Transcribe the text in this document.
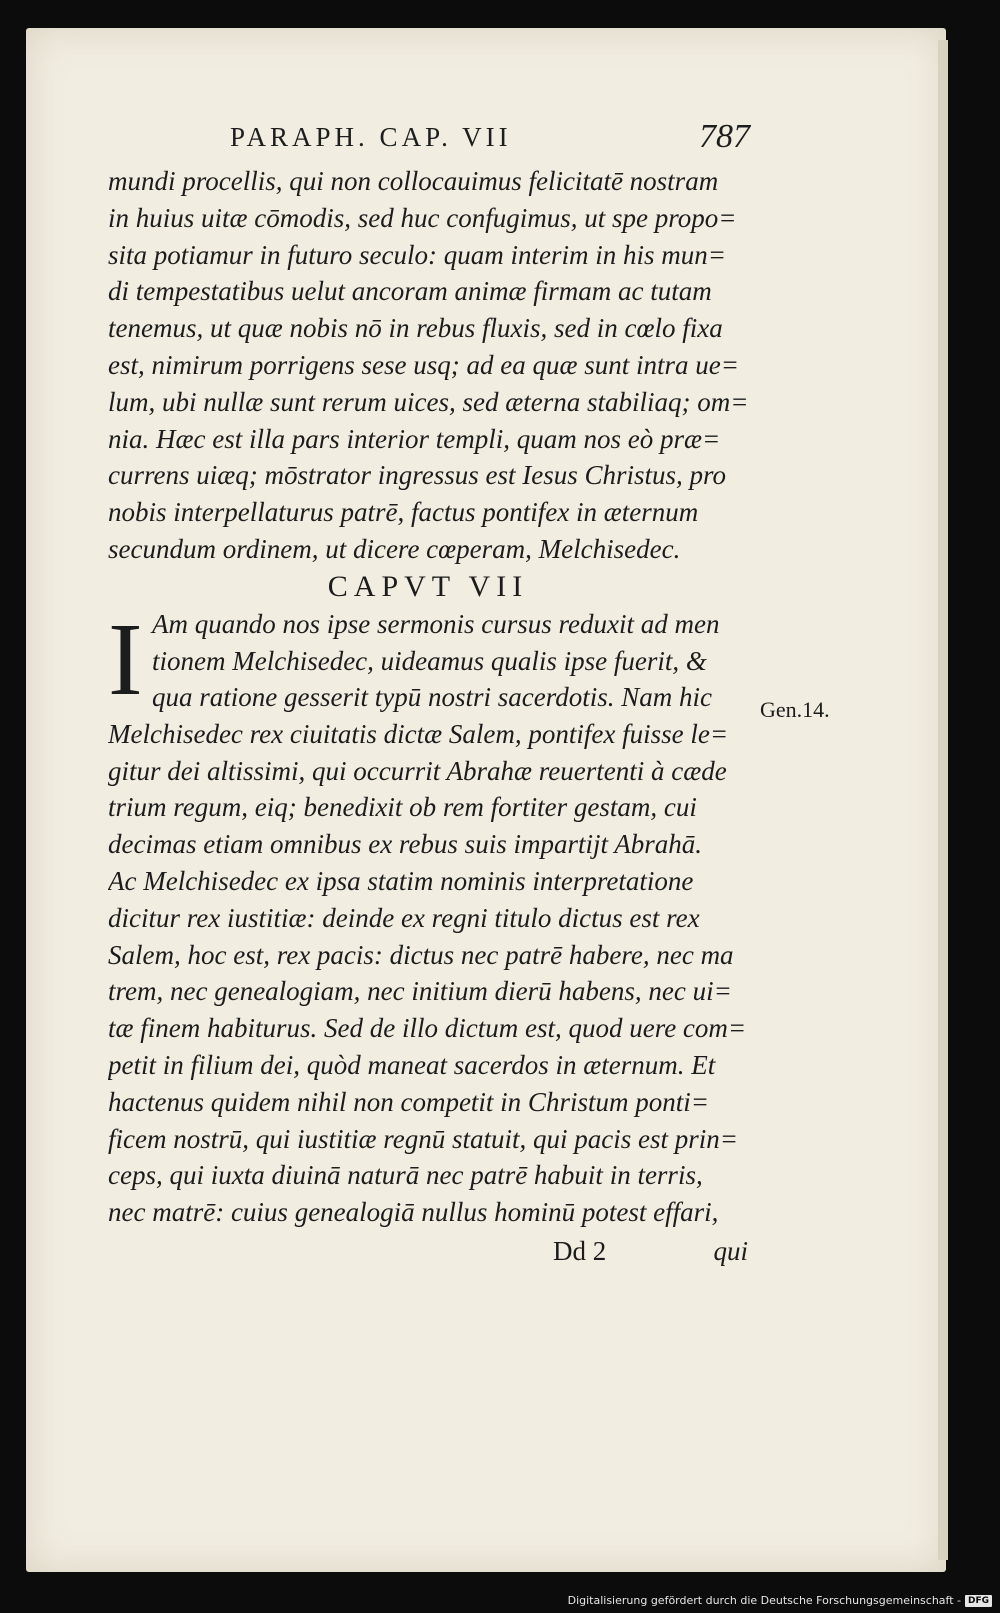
PARAPH. CAP. VII	787
mundi procellis, qui non collocauimus felicitatē nostram
in huius uitæ cōmodis, sed huc confugimus, ut spe propo=
sita potiamur in futuro seculo: quam interim in his mun=
di tempestatibus uelut ancoram animæ firmam ac tutam
tenemus, ut quæ nobis nō in rebus fluxis, sed in cœlo fixa
est, nimirum porrigens sese usq; ad ea quæ sunt intra ue=
lum, ubi nullæ sunt rerum uices, sed æterna stabiliaq; om=
nia. Hæc est illa pars interior templi, quam nos eò præ=
currens uiæq; mōstrator ingressus est Iesus Christus, pro
nobis interpellaturus patrē, factus pontifex in æternum
secundum ordinem, ut dicere cœperam, Melchisedec.
CAPVT VII
I Am quando nos ipse sermonis cursus reduxit ad men
tionem Melchisedec, uideamus qualis ipse fuerit, &
qua ratione gesserit typū nostri sacerdotis. Nam hic
Melchisedec rex ciuitatis dictæ Salem, pontifex fuisse le=
gitur dei altissimi, qui occurrit Abrahæ reuertenti à cæde
trium regum, eiq; benedixit ob rem fortiter gestam, cui
decimas etiam omnibus ex rebus suis impartijt Abrahā.
Ac Melchisedec ex ipsa statim nominis interpretatione
dicitur rex iustitiæ: deinde ex regni titulo dictus est rex
Salem, hoc est, rex pacis: dictus nec patrē habere, nec ma
trem, nec genealogiam, nec initium dierū habens, nec ui=
tæ finem habiturus. Sed de illo dictum est, quod uere com=
petit in filium dei, quòd maneat sacerdos in æternum. Et
hactenus quidem nihil non competit in Christum ponti=
ficem nostrū, qui iustitiæ regnū statuit, qui pacis est prin=
ceps, qui iuxta diuinā naturā nec patrē habuit in terris,
nec matrē: cuius genealogiā nullus hominū potest effari,
Gen.14.
Dd 2	qui
Digitalisierung gefördert durch die Deutsche Forschungsgemeinschaft - DFG
